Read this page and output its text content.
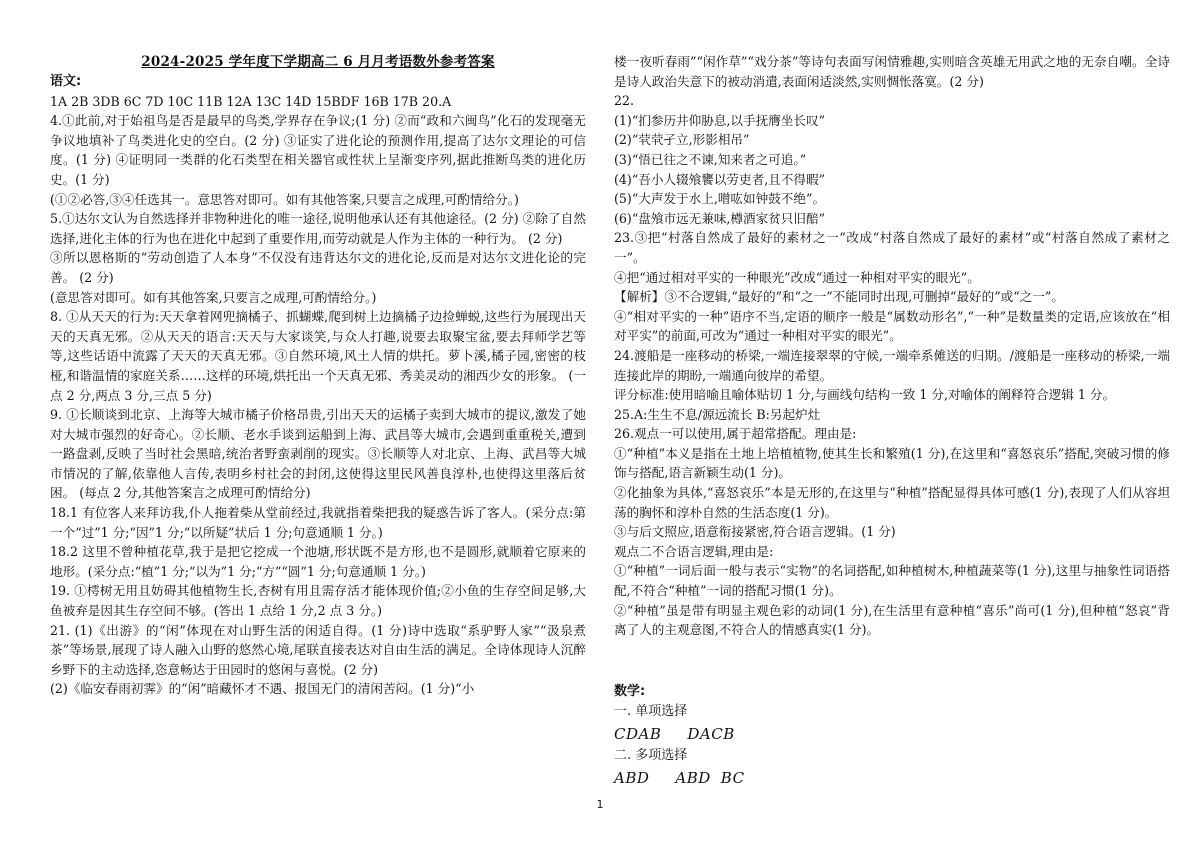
2024-2025 学年度下学期高二 6 月月考语数外参考答案

语文:

1A 2B 3DB 6C 7D 10C 11B 12A 13C 14D 15BDF 16B 17B 20.A

4.①此前,对于始祖鸟是否是最早的鸟类,学界存在争议;(1 分) ②而“政和六闽鸟”化石的发现毫无争议地填补了鸟类进化史的空白。(2 分) ③证实了进化论的预测作用,提高了达尔文理论的可信度。(1 分) ④证明同一类群的化石类型在相关器官或性状上呈渐变序列,据此推断鸟类的进化历史。(1 分)

(①②必答,③④任选其一。意思答对即可。如有其他答案,只要言之成理,可酌情给分。)

5.①达尔文认为自然选择并非物种进化的唯一途径,说明他承认还有其他途径。(2 分) ②除了自然选择,进化主体的行为也在进化中起到了重要作用,而劳动就是人作为主体的一种行为。 (2 分)

③所以恩格斯的“劳动创造了人本身”不仅没有违背达尔文的进化论,反而是对达尔文进化论的完善。 (2 分)

(意思答对即可。如有其他答案,只要言之成理,可酌情给分。)

8. ①从天天的行为:天天拿着网兜摘橘子、抓蝴蝶,爬到树上边摘橘子边捡蝉蜕,这些行为展现出天天的天真无邪。②从天天的语言:天天与大家谈笑,与众人打趣,说要去取聚宝盆,要去拜师学艺等等,这些话语中流露了天天的天真无邪。③自然环境,风土人情的烘托。萝卜溪,橘子园,密密的枝桠,和谐温情的家庭关系……这样的环境,烘托出一个天真无邪、秀美灵动的湘西少女的形象。 (一点 2 分,两点 3 分,三点 5 分)

9. ①长顺谈到北京、上海等大城市橘子价格昂贵,引出天天的运橘子卖到大城市的提议,激发了她对大城市强烈的好奇心。②长顺、老水手谈到运船到上海、武昌等大城市,会遇到重重税关,遭到一路盘剥,反映了当时社会黑暗,统治者野蛮剥削的现实。③长顺等人对北京、上海、武昌等大城市情况的了解,依靠他人言传,表明乡村社会的封闭,这使得这里民风善良淳朴,也使得这里落后贫困。 (每点 2 分,其他答案言之成理可酌情给分)

18.1 有位客人来拜访我,仆人拖着柴从堂前经过,我就指着柴把我的疑惑告诉了客人。(采分点:第一个“过”1 分;“因”1 分;“以所疑”状后 1 分;句意通顺 1 分。)

18.2 这里不曾种植花草,我于是把它挖成一个池塘,形状既不是方形,也不是圆形,就顺着它原来的地形。(采分点:“植”1 分;“以为”1 分;“方”“圆”1 分;句意通顺 1 分。)

19. ①樗树无用且妨碍其他植物生长,杏树有用且需存活才能体现价值;②小鱼的生存空间足够,大鱼被弃是因其生存空间不够。(答出 1 点给 1 分,2 点 3 分。)

21. (1)《出游》的“闲”体现在对山野生活的闲适自得。(1 分)诗中选取“系驴野人家”“汲泉煮茶”等场景,展现了诗人融入山野的悠然心境,尾联直接表达对自由生活的满足。全诗体现诗人沉醉乡野下的主动选择,恣意畅达于田园时的悠闲与喜悦。(2 分)

(2)《临安春雨初霁》的“闲”暗藏怀才不遇、报国无门的清闲苦闷。(1 分)“小

楼一夜听春雨”“闲作草”“戏分茶”等诗句表面写闲情雅趣,实则暗含英雄无用武之地的无奈自嘲。全诗是诗人政治失意下的被动消遣,表面闲适淡然,实则惆怅落寞。(2 分)

22.

(1)“扪参历井仰胁息,以手抚膺坐长叹”

(2)“茕茕孑立,形影相吊”

(3)“悟已往之不谏,知来者之可追。”

(4)“吾小人辍飧饔以劳吏者,且不得暇”

(5)“大声发于水上,噌吰如钟鼓不绝”。

(6)“盘飧市远无兼味,樽酒家贫只旧醅”

23.③把“村落自然成了最好的素材之一”改成“村落自然成了最好的素材”或“村落自然成了素材之一”。

④把“通过相对平实的一种眼光”改成“通过一种相对平实的眼光”。

【解析】③不合逻辑,“最好的”和“之一”不能同时出现,可删掉“最好的”或“之一”。

④“相对平实的一种”语序不当,定语的顺序一般是“属数动形名”,“一种”是数量类的定语,应该放在“相对平实”的前面,可改为“通过一种相对平实的眼光”。

24.渡船是一座移动的桥梁,一端连接翠翠的守候,一端牵系傩送的归期。/渡船是一座移动的桥梁,一端连接此岸的期盼,一端通向彼岸的希望。

评分标准:使用暗喻且喻体贴切 1 分,与画线句结构一致 1 分,对喻体的阐释符合逻辑 1 分。

25.A:生生不息/源远流长 B:另起炉灶

26.观点一可以使用,属于超常搭配。理由是:

①“种植”本义是指在土地上培植植物,使其生长和繁殖(1 分),在这里和“喜怒哀乐”搭配,突破习惯的修饰与搭配,语言新颖生动(1 分)。

②化抽象为具体,“喜怒哀乐”本是无形的,在这里与“种植”搭配显得具体可感(1 分),表现了人们从容坦荡的胸怀和淳朴自然的生活态度(1 分)。

③与后文照应,语意衔接紧密,符合语言逻辑。(1 分)

观点二不合语言逻辑,理由是:

①“种植”一词后面一般与表示“实物”的名词搭配,如种植树木,种植蔬菜等(1 分),这里与抽象性词语搭配,不符合“种植”一词的搭配习惯(1 分)。

②“种植”虽是带有明显主观色彩的动词(1 分),在生活里有意种植“喜乐”尚可(1 分),但种植“怒哀”背离了人的主观意图,不符合人的情感真实(1 分)。

数学:

一. 单项选择

CDAB DACB

二. 多项选择

ABD ABD BC

1
